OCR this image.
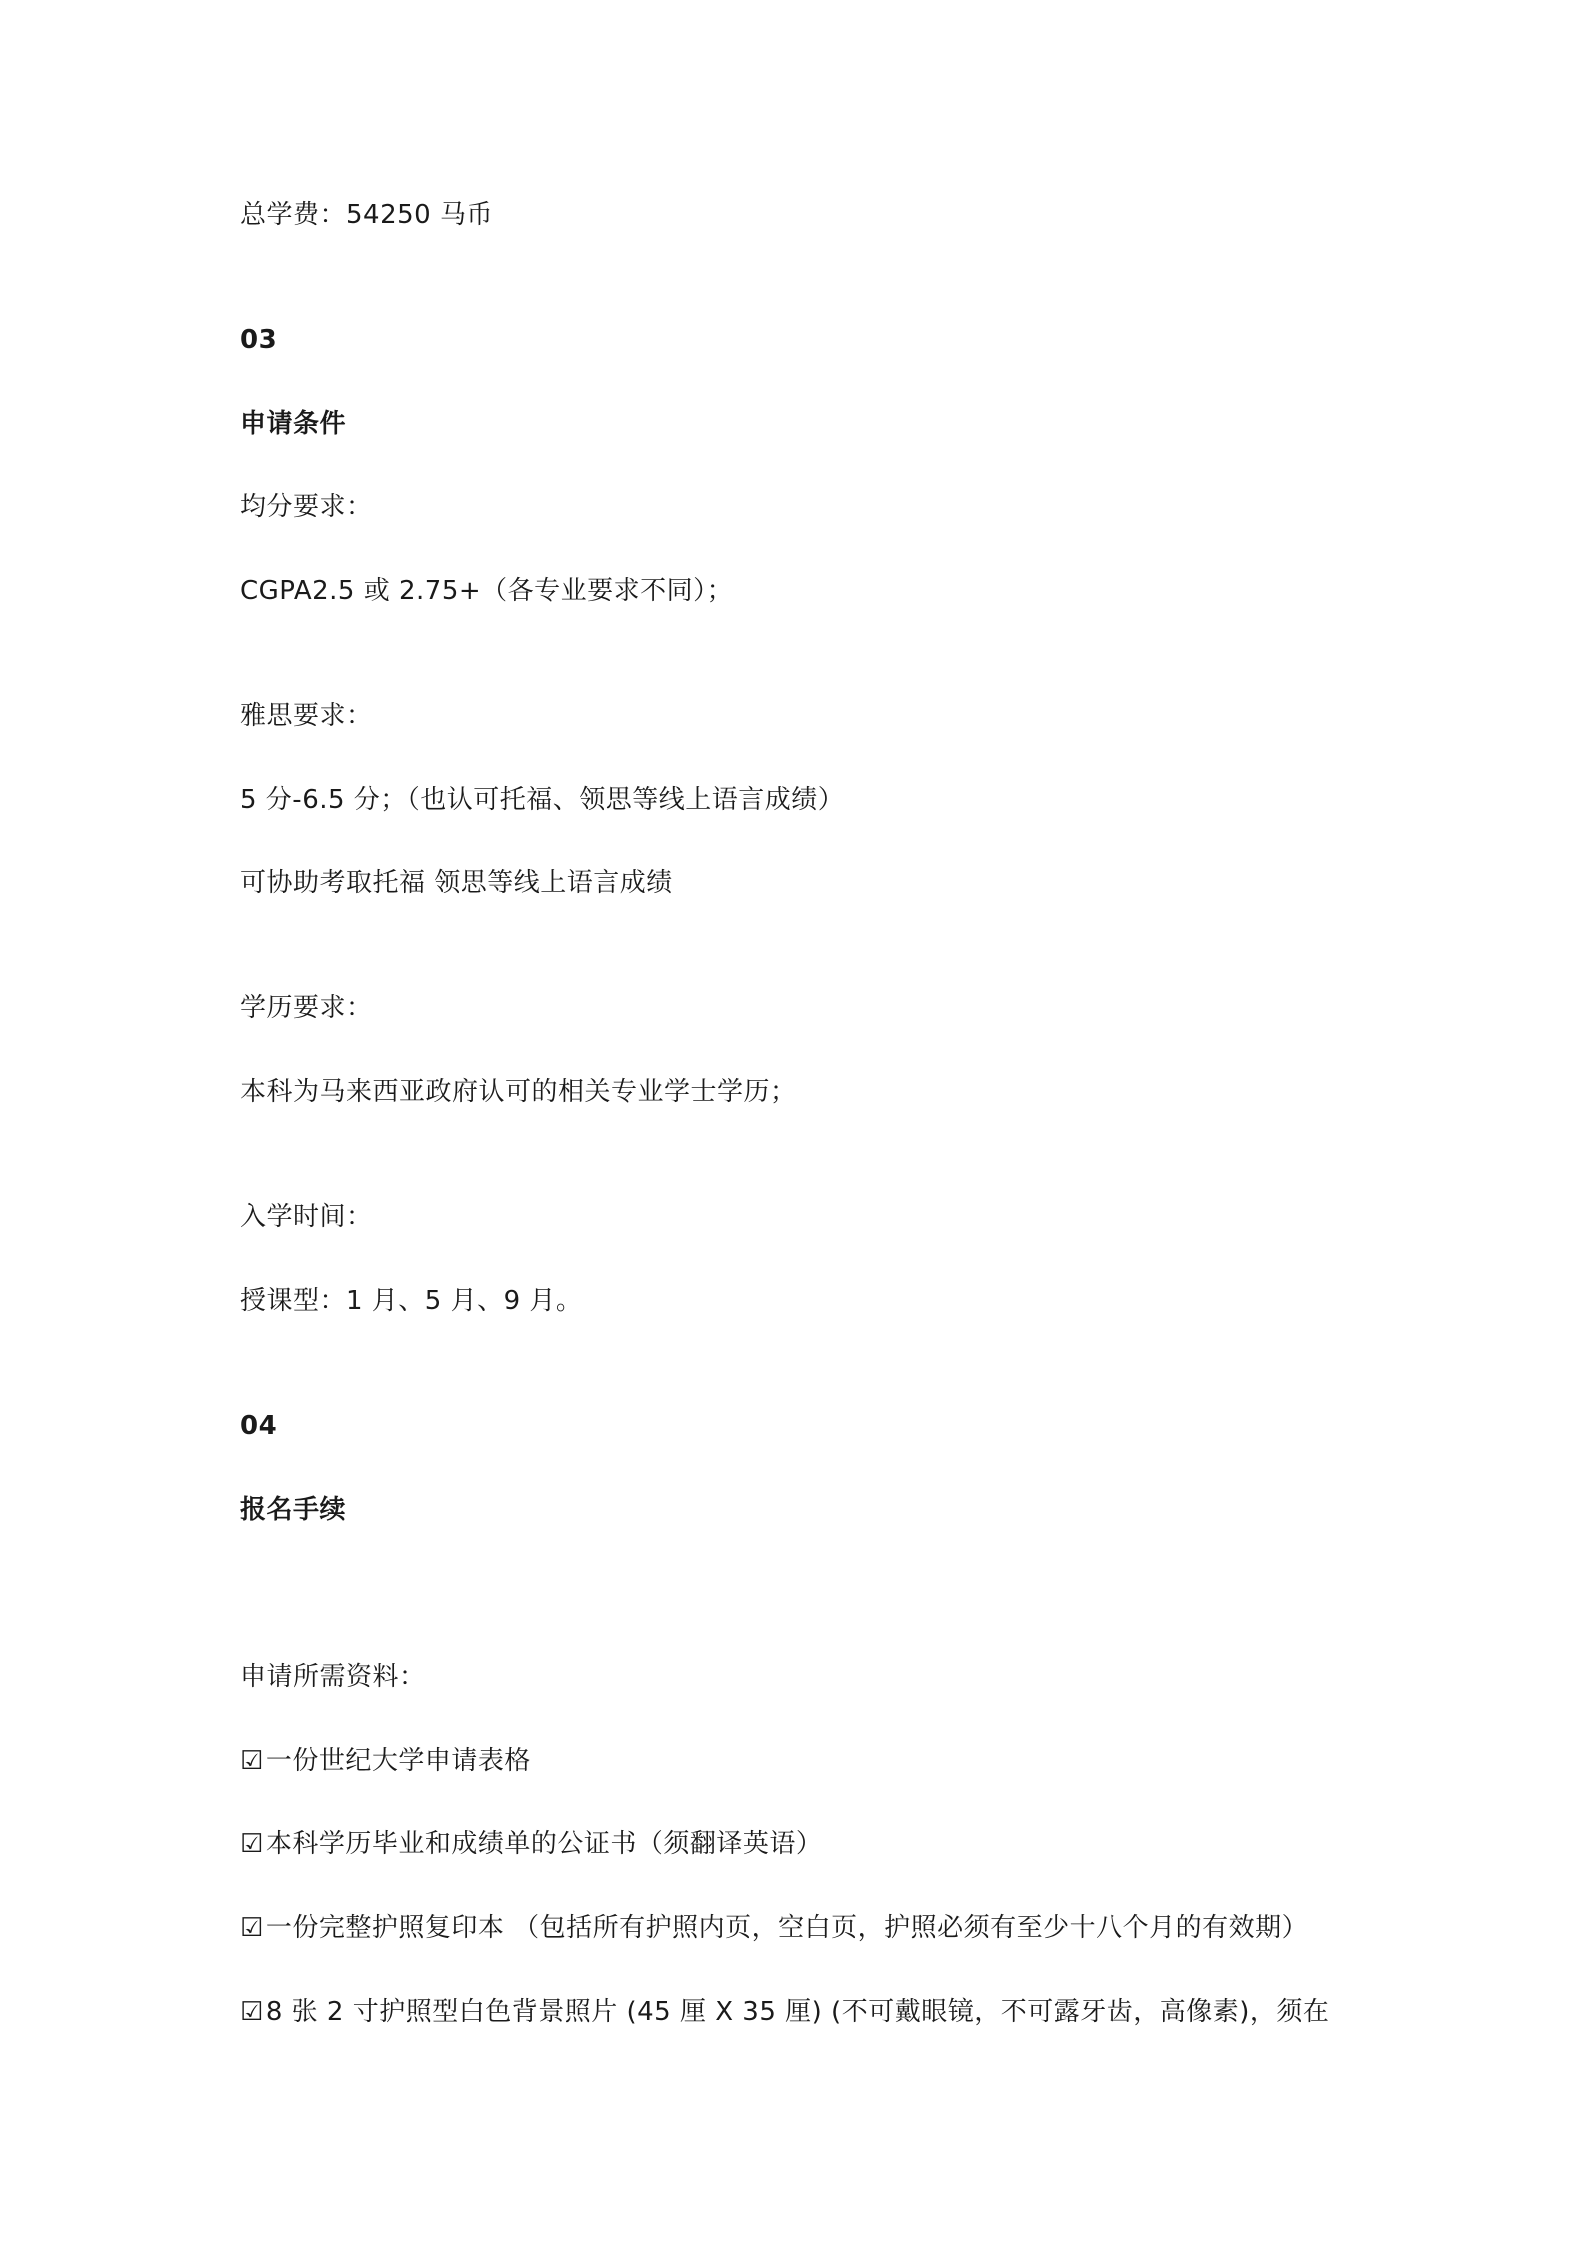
总学费：54250 马币
03
申请条件
均分要求：
CGPA2.5 或 2.75+（各专业要求不同）；
雅思要求：
5 分-6.5 分；（也认可托福、领思等线上语言成绩）
可协助考取托福 领思等线上语言成绩
学历要求：
本科为马来西亚政府认可的相关专业学士学历；
入学时间：
授课型：1 月、5 月、9 月。
04
报名手续
申请所需资料：
☑一份世纪大学申请表格
☑本科学历毕业和成绩单的公证书（须翻译英语）
☑一份完整护照复印本 （包括所有护照内页，空白页，护照必须有至少十八个月的有效期）
☑8 张 2 寸护照型白色背景照片 (45 厘 X 35 厘) (不可戴眼镜，不可露牙齿，高像素)，须在
